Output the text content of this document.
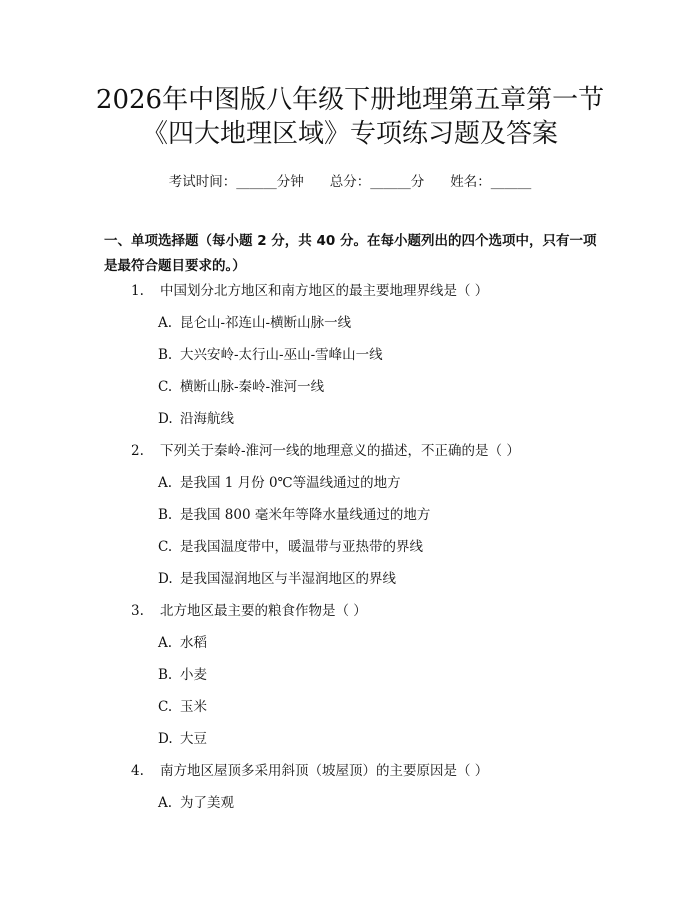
2026年中图版八年级下册地理第五章第一节
《四大地理区域》专项练习题及答案
考试时间：______分钟 总分：______分 姓名：______
一、单项选择题（每小题 2 分，共 40 分。在每小题列出的四个选项中，只有一项是最符合题目要求的。）
1. 中国划分北方地区和南方地区的最主要地理界线是（ ）
A. 昆仑山-祁连山-横断山脉一线
B. 大兴安岭-太行山-巫山-雪峰山一线
C. 横断山脉-秦岭-淮河一线
D. 沿海航线
2. 下列关于秦岭-淮河一线的地理意义的描述，不正确的是（ ）
A. 是我国 1 月份 0℃等温线通过的地方
B. 是我国 800 毫米年等降水量线通过的地方
C. 是我国温度带中，暖温带与亚热带的界线
D. 是我国湿润地区与半湿润地区的界线
3. 北方地区最主要的粮食作物是（ ）
A. 水稻
B. 小麦
C. 玉米
D. 大豆
4. 南方地区屋顶多采用斜顶（坡屋顶）的主要原因是（ ）
A. 为了美观
